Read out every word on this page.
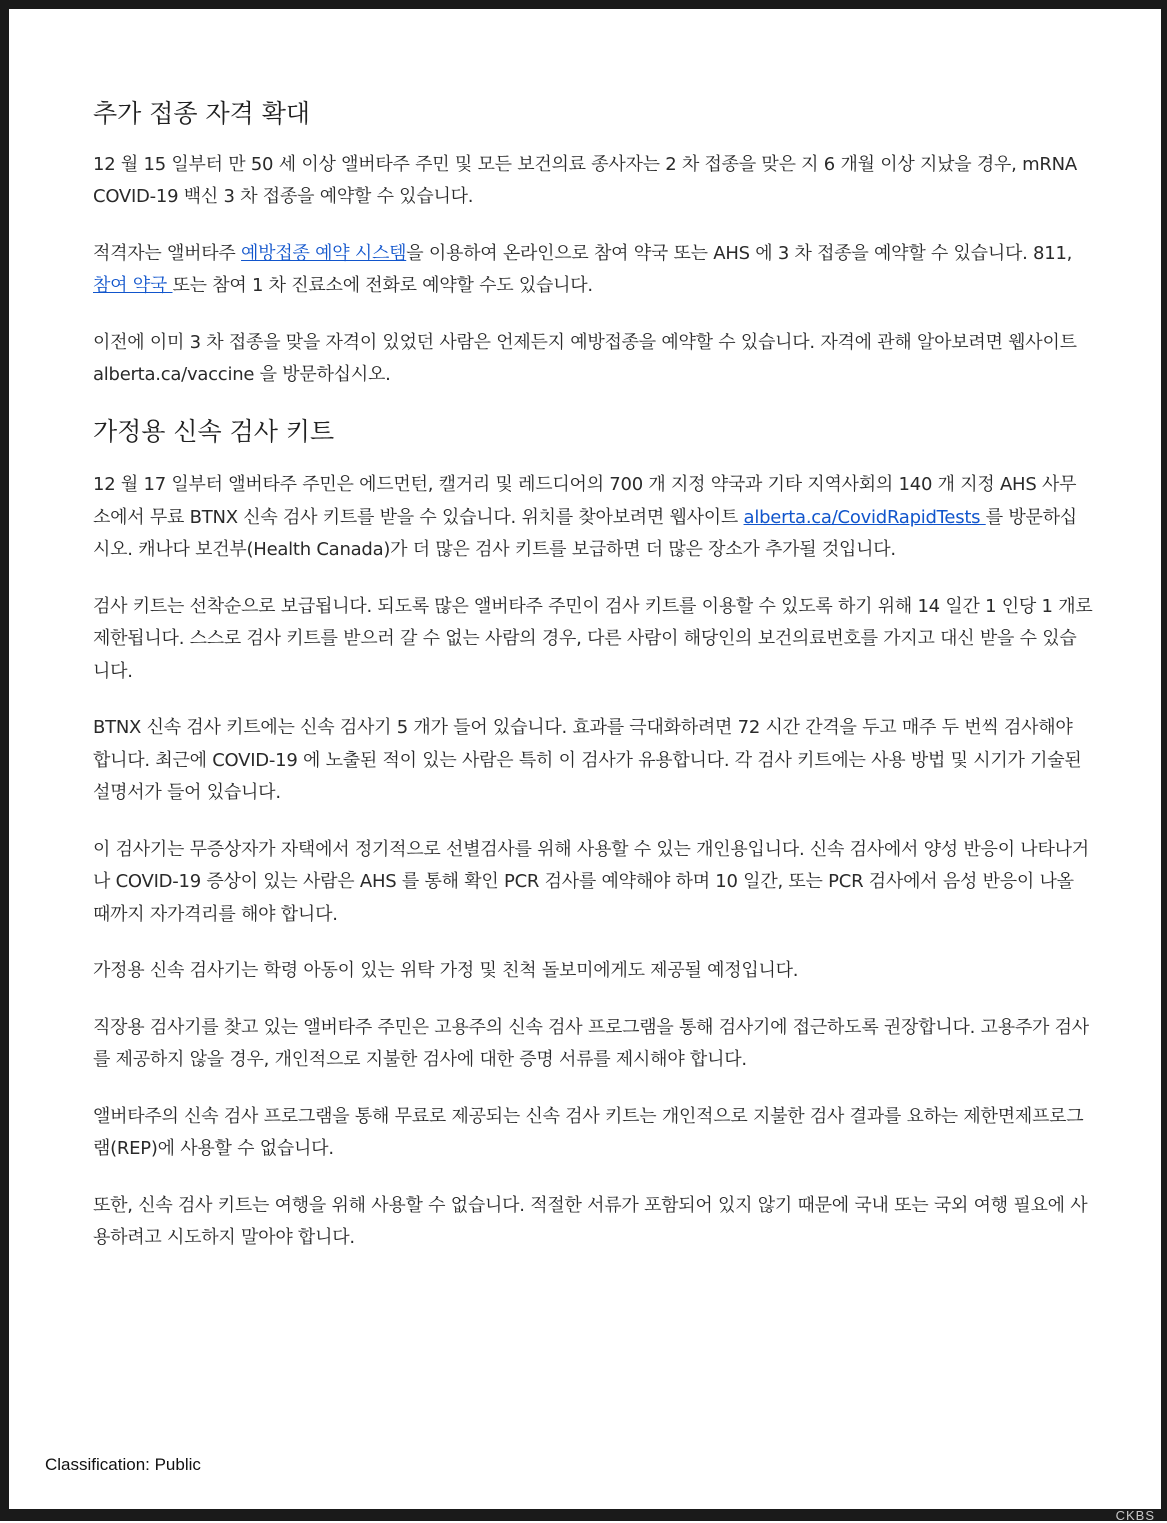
추가 접종 자격 확대

12 월 15 일부터 만 50 세 이상 앨버타주 주민 및 모든 보건의료 종사자는 2 차 접종을 맞은 지 6 개월 이상 지났을 경우, mRNA COVID-19 백신 3 차 접종을 예약할 수 있습니다.

적격자는 앨버타주 예방접종 예약 시스템을 이용하여 온라인으로 참여 약국 또는 AHS 에 3 차 접종을 예약할 수 있습니다. 811, 참여 약국 또는 참여 1 차 진료소에 전화로 예약할 수도 있습니다.

이전에 이미 3 차 접종을 맞을 자격이 있었던 사람은 언제든지 예방접종을 예약할 수 있습니다. 자격에 관해 알아보려면 웹사이트 alberta.ca/vaccine 을 방문하십시오.

가정용 신속 검사 키트

12 월 17 일부터 앨버타주 주민은 에드먼턴, 캘거리 및 레드디어의 700 개 지정 약국과 기타 지역사회의 140 개 지정 AHS 사무소에서 무료 BTNX 신속 검사 키트를 받을 수 있습니다. 위치를 찾아보려면 웹사이트 alberta.ca/CovidRapidTests 를 방문하십시오. 캐나다 보건부(Health Canada)가 더 많은 검사 키트를 보급하면 더 많은 장소가 추가될 것입니다.

검사 키트는 선착순으로 보급됩니다. 되도록 많은 앨버타주 주민이 검사 키트를 이용할 수 있도록 하기 위해 14 일간 1 인당 1 개로 제한됩니다. 스스로 검사 키트를 받으러 갈 수 없는 사람의 경우, 다른 사람이 해당인의 보건의료번호를 가지고 대신 받을 수 있습니다.

BTNX 신속 검사 키트에는 신속 검사기 5 개가 들어 있습니다. 효과를 극대화하려면 72 시간 간격을 두고 매주 두 번씩 검사해야 합니다. 최근에 COVID-19 에 노출된 적이 있는 사람은 특히 이 검사가 유용합니다. 각 검사 키트에는 사용 방법 및 시기가 기술된 설명서가 들어 있습니다.

이 검사기는 무증상자가 자택에서 정기적으로 선별검사를 위해 사용할 수 있는 개인용입니다. 신속 검사에서 양성 반응이 나타나거나 COVID-19 증상이 있는 사람은 AHS 를 통해 확인 PCR 검사를 예약해야 하며 10 일간, 또는 PCR 검사에서 음성 반응이 나올 때까지 자가격리를 해야 합니다.

가정용 신속 검사기는 학령 아동이 있는 위탁 가정 및 친척 돌보미에게도 제공될 예정입니다.

직장용 검사기를 찾고 있는 앨버타주 주민은 고용주의 신속 검사 프로그램을 통해 검사기에 접근하도록 권장합니다. 고용주가 검사를 제공하지 않을 경우, 개인적으로 지불한 검사에 대한 증명 서류를 제시해야 합니다.

앨버타주의 신속 검사 프로그램을 통해 무료로 제공되는 신속 검사 키트는 개인적으로 지불한 검사 결과를 요하는 제한면제프로그램(REP)에 사용할 수 없습니다.

또한, 신속 검사 키트는 여행을 위해 사용할 수 없습니다. 적절한 서류가 포함되어 있지 않기 때문에 국내 또는 국외 여행 필요에 사용하려고 시도하지 말아야 합니다.

Classification: Public
CKBS
